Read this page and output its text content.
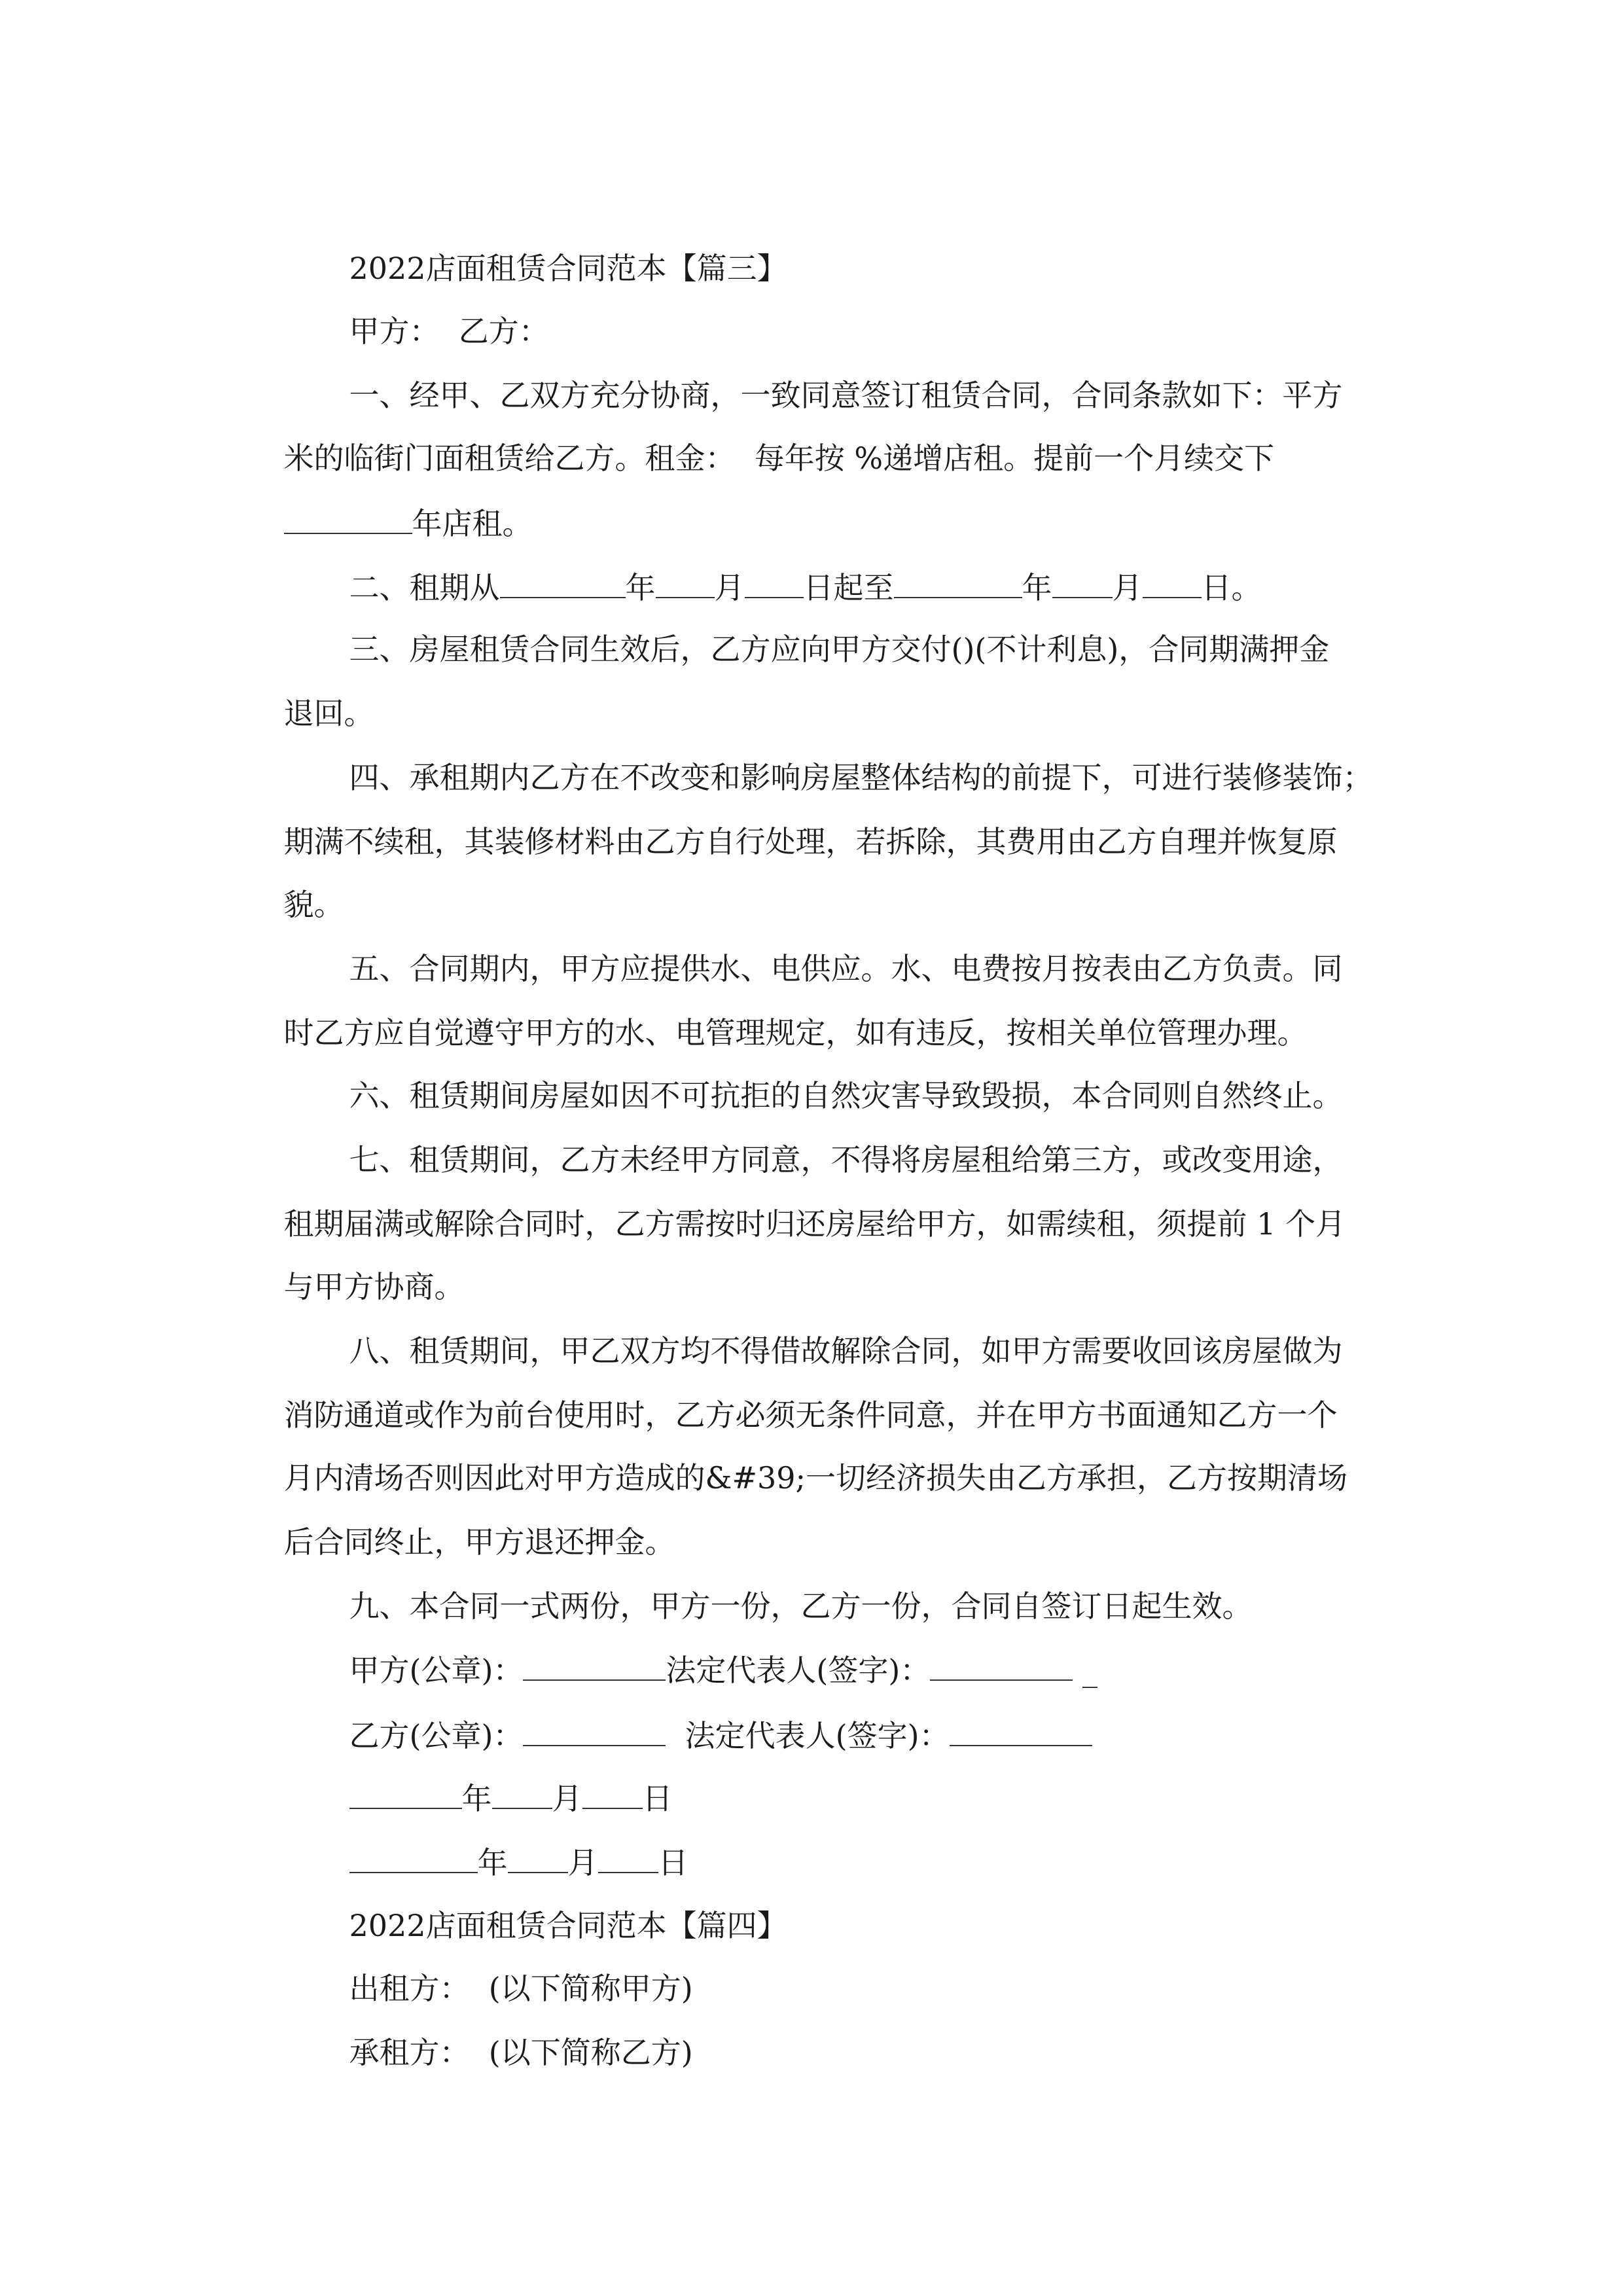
2022店面租赁合同范本【篇三】

甲方：  乙方：

一、经甲、乙双方充分协商，一致同意签订租赁合同，合同条款如下：平方

米的临街门面租赁给乙方。租金：  每年按 %递增店租。提前一个月续交下

年店租。

二、租期从	年 月 日起至	年 月 日。

三、房屋租赁合同生效后，乙方应向甲方交付()(不计利息)，合同期满押金

退回。

四、承租期内乙方在不改变和影响房屋整体结构的前提下，可进行装修装饰；

期满不续租，其装修材料由乙方自行处理，若拆除，其费用由乙方自理并恢复原

貌。

五、合同期内，甲方应提供水、电供应。水、电费按月按表由乙方负责。同

时乙方应自觉遵守甲方的水、电管理规定，如有违反，按相关单位管理办理。

六、租赁期间房屋如因不可抗拒的自然灾害导致毁损，本合同则自然终止。

七、租赁期间，乙方未经甲方同意，不得将房屋租给第三方，或改变用途，

租期届满或解除合同时，乙方需按时归还房屋给甲方，如需续租，须提前 1 个月

与甲方协商。

八、租赁期间，甲乙双方均不得借故解除合同，如甲方需要收回该房屋做为

消防通道或作为前台使用时，乙方必须无条件同意，并在甲方书面通知乙方一个

月内清场否则因此对甲方造成的&#39;一切经济损失由乙方承担，乙方按期清场

后合同终止，甲方退还押金。

九、本合同一式两份，甲方一份，乙方一份，合同自签订日起生效。

甲方(公章)：	法定代表人(签字)：	_

乙方(公章)：	法定代表人(签字)：

年 月 日

年 月 日

2022店面租赁合同范本【篇四】

出租方：  (以下简称甲方)

承租方：  (以下简称乙方)
